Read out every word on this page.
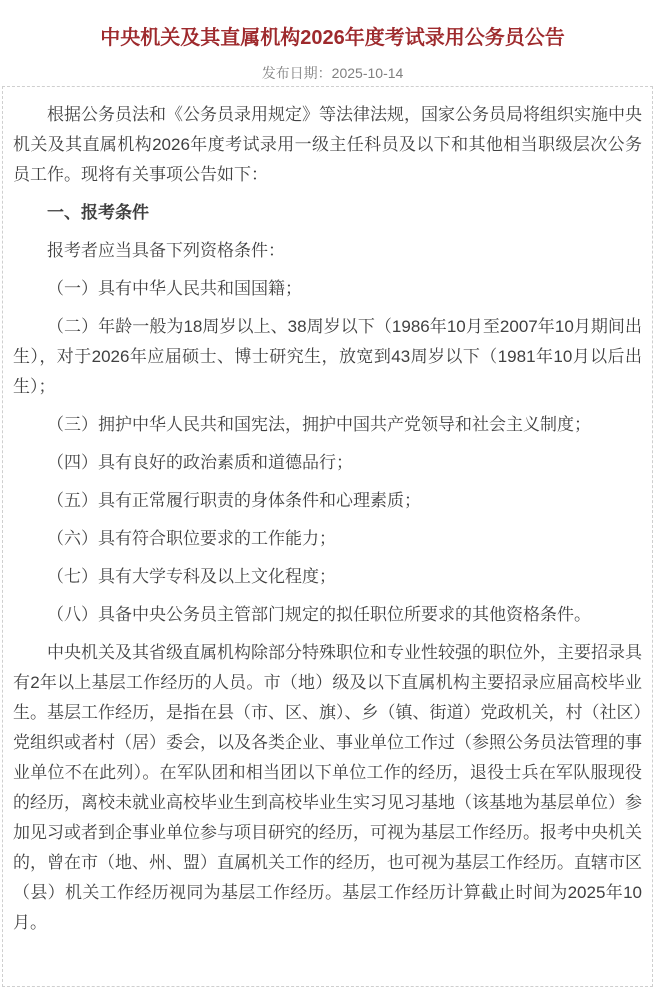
中央机关及其直属机构2026年度考试录用公务员公告
发布日期：2025-10-14

根据公务员法和《公务员录用规定》等法律法规，国家公务员局将组织实施中央机关及其直属机构2026年度考试录用一级主任科员及以下和其他相当职级层次公务员工作。现将有关事项公告如下：

一、报考条件

报考者应当具备下列资格条件：

（一）具有中华人民共和国国籍；

（二）年龄一般为18周岁以上、38周岁以下（1986年10月至2007年10月期间出生），对于2026年应届硕士、博士研究生，放宽到43周岁以下（1981年10月以后出生）；

（三）拥护中华人民共和国宪法，拥护中国共产党领导和社会主义制度；

（四）具有良好的政治素质和道德品行；

（五）具有正常履行职责的身体条件和心理素质；

（六）具有符合职位要求的工作能力；

（七）具有大学专科及以上文化程度；

（八）具备中央公务员主管部门规定的拟任职位所要求的其他资格条件。

中央机关及其省级直属机构除部分特殊职位和专业性较强的职位外，主要招录具有2年以上基层工作经历的人员。市（地）级及以下直属机构主要招录应届高校毕业生。基层工作经历，是指在县（市、区、旗）、乡（镇、街道）党政机关，村（社区）党组织或者村（居）委会，以及各类企业、事业单位工作过（参照公务员法管理的事业单位不在此列）。在军队团和相当团以下单位工作的经历，退役士兵在军队服现役的经历，离校未就业高校毕业生到高校毕业生实习见习基地（该基地为基层单位）参加见习或者到企事业单位参与项目研究的经历，可视为基层工作经历。报考中央机关的，曾在市（地、州、盟）直属机关工作的经历，也可视为基层工作经历。直辖市区（县）机关工作经历视同为基层工作经历。基层工作经历计算截止时间为2025年10月。
